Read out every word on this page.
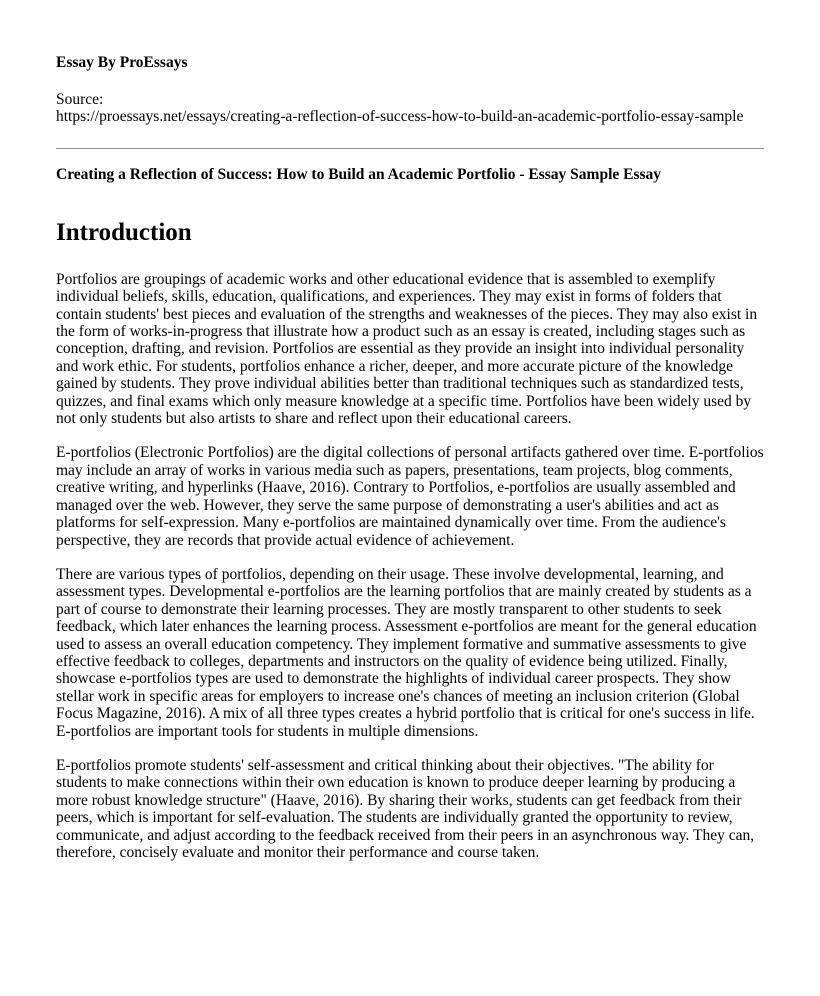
Essay By ProEssays

Source:
https://proessays.net/essays/creating-a-reflection-of-success-how-to-build-an-academic-portfolio-essay-sample

Creating a Reflection of Success: How to Build an Academic Portfolio - Essay Sample Essay

Introduction

Portfolios are groupings of academic works and other educational evidence that is assembled to exemplify individual beliefs, skills, education, qualifications, and experiences. They may exist in forms of folders that contain students' best pieces and evaluation of the strengths and weaknesses of the pieces. They may also exist in the form of works-in-progress that illustrate how a product such as an essay is created, including stages such as conception, drafting, and revision. Portfolios are essential as they provide an insight into individual personality and work ethic. For students, portfolios enhance a richer, deeper, and more accurate picture of the knowledge gained by students. They prove individual abilities better than traditional techniques such as standardized tests, quizzes, and final exams which only measure knowledge at a specific time. Portfolios have been widely used by not only students but also artists to share and reflect upon their educational careers.

E-portfolios (Electronic Portfolios) are the digital collections of personal artifacts gathered over time. E-portfolios may include an array of works in various media such as papers, presentations, team projects, blog comments, creative writing, and hyperlinks (Haave, 2016). Contrary to Portfolios, e-portfolios are usually assembled and managed over the web. However, they serve the same purpose of demonstrating a user's abilities and act as platforms for self-expression. Many e-portfolios are maintained dynamically over time. From the audience's perspective, they are records that provide actual evidence of achievement.

There are various types of portfolios, depending on their usage. These involve developmental, learning, and assessment types. Developmental e-portfolios are the learning portfolios that are mainly created by students as a part of course to demonstrate their learning processes. They are mostly transparent to other students to seek feedback, which later enhances the learning process. Assessment e-portfolios are meant for the general education used to assess an overall education competency. They implement formative and summative assessments to give effective feedback to colleges, departments and instructors on the quality of evidence being utilized. Finally, showcase e-portfolios types are used to demonstrate the highlights of individual career prospects. They show stellar work in specific areas for employers to increase one's chances of meeting an inclusion criterion (Global Focus Magazine, 2016). A mix of all three types creates a hybrid portfolio that is critical for one's success in life. E-portfolios are important tools for students in multiple dimensions.

E-portfolios promote students' self-assessment and critical thinking about their objectives. "The ability for students to make connections within their own education is known to produce deeper learning by producing a more robust knowledge structure" (Haave, 2016). By sharing their works, students can get feedback from their peers, which is important for self-evaluation. The students are individually granted the opportunity to review, communicate, and adjust according to the feedback received from their peers in an asynchronous way. They can, therefore, concisely evaluate and monitor their performance and course taken.
